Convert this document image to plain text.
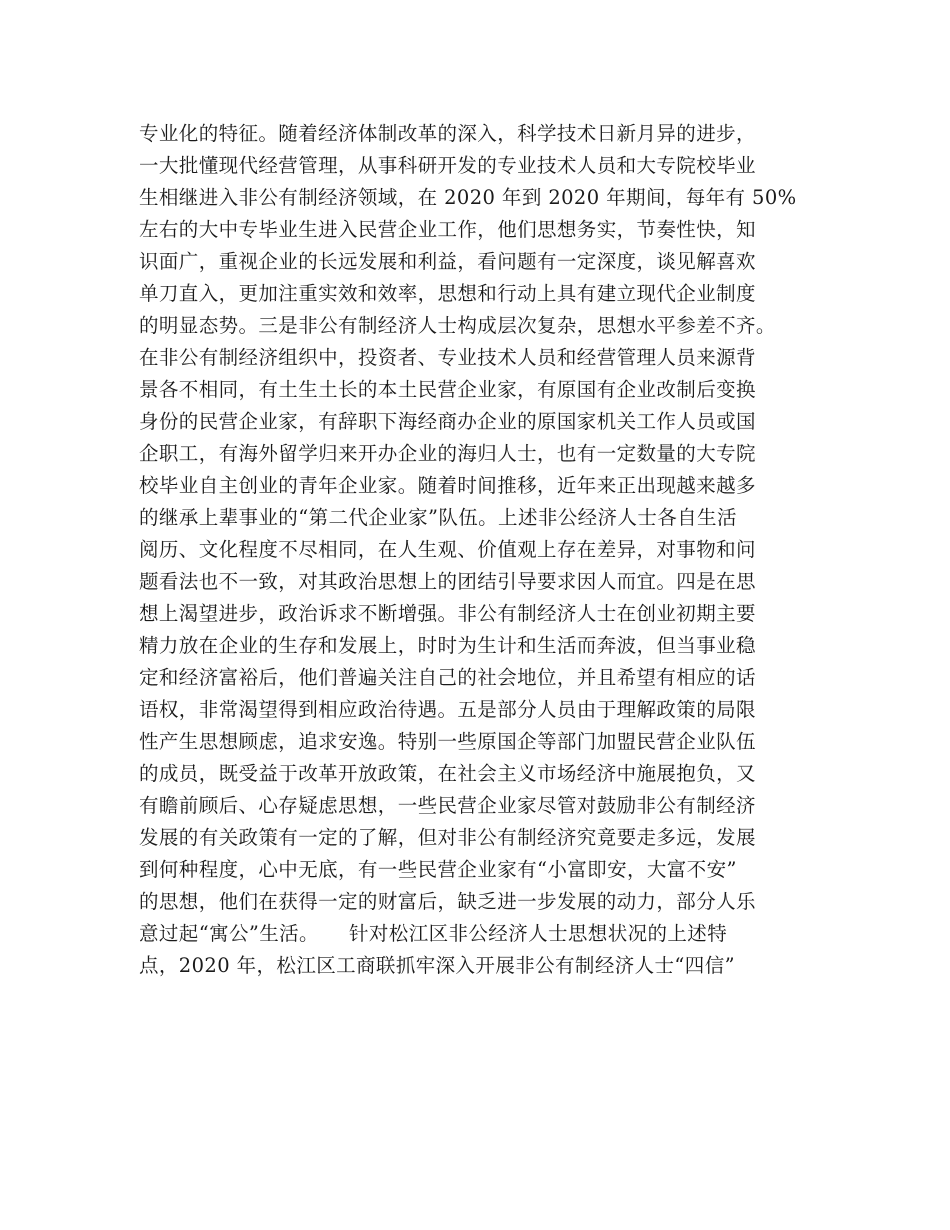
专业化的特征。随着经济体制改革的深入，科学技术日新月异的进步，
一大批懂现代经营管理，从事科研开发的专业技术人员和大专院校毕业
生相继进入非公有制经济领域，在 2020 年到 2020 年期间，每年有 50%
左右的大中专毕业生进入民营企业工作，他们思想务实，节奏性快，知
识面广，重视企业的长远发展和利益，看问题有一定深度，谈见解喜欢
单刀直入，更加注重实效和效率，思想和行动上具有建立现代企业制度
的明显态势。三是非公有制经济人士构成层次复杂，思想水平参差不齐。
在非公有制经济组织中，投资者、专业技术人员和经营管理人员来源背
景各不相同，有土生土长的本土民营企业家，有原国有企业改制后变换
身份的民营企业家，有辞职下海经商办企业的原国家机关工作人员或国
企职工，有海外留学归来开办企业的海归人士，也有一定数量的大专院
校毕业自主创业的青年企业家。随着时间推移，近年来正出现越来越多
的继承上辈事业的“第二代企业家”队伍。上述非公经济人士各自生活
阅历、文化程度不尽相同，在人生观、价值观上存在差异，对事物和问
题看法也不一致，对其政治思想上的团结引导要求因人而宜。四是在思
想上渴望进步，政治诉求不断增强。非公有制经济人士在创业初期主要
精力放在企业的生存和发展上，时时为生计和生活而奔波，但当事业稳
定和经济富裕后，他们普遍关注自己的社会地位，并且希望有相应的话
语权，非常渴望得到相应政治待遇。五是部分人员由于理解政策的局限
性产生思想顾虑，追求安逸。特别一些原国企等部门加盟民营企业队伍
的成员，既受益于改革开放政策，在社会主义市场经济中施展抱负，又
有瞻前顾后、心存疑虑思想，一些民营企业家尽管对鼓励非公有制经济
发展的有关政策有一定的了解，但对非公有制经济究竟要走多远，发展
到何种程度，心中无底，有一些民营企业家有“小富即安，大富不安”
的思想，他们在获得一定的财富后，缺乏进一步发展的动力，部分人乐
意过起“寓公”生活。　　针对松江区非公经济人士思想状况的上述特
点，2020 年，松江区工商联抓牢深入开展非公有制经济人士“四信”
